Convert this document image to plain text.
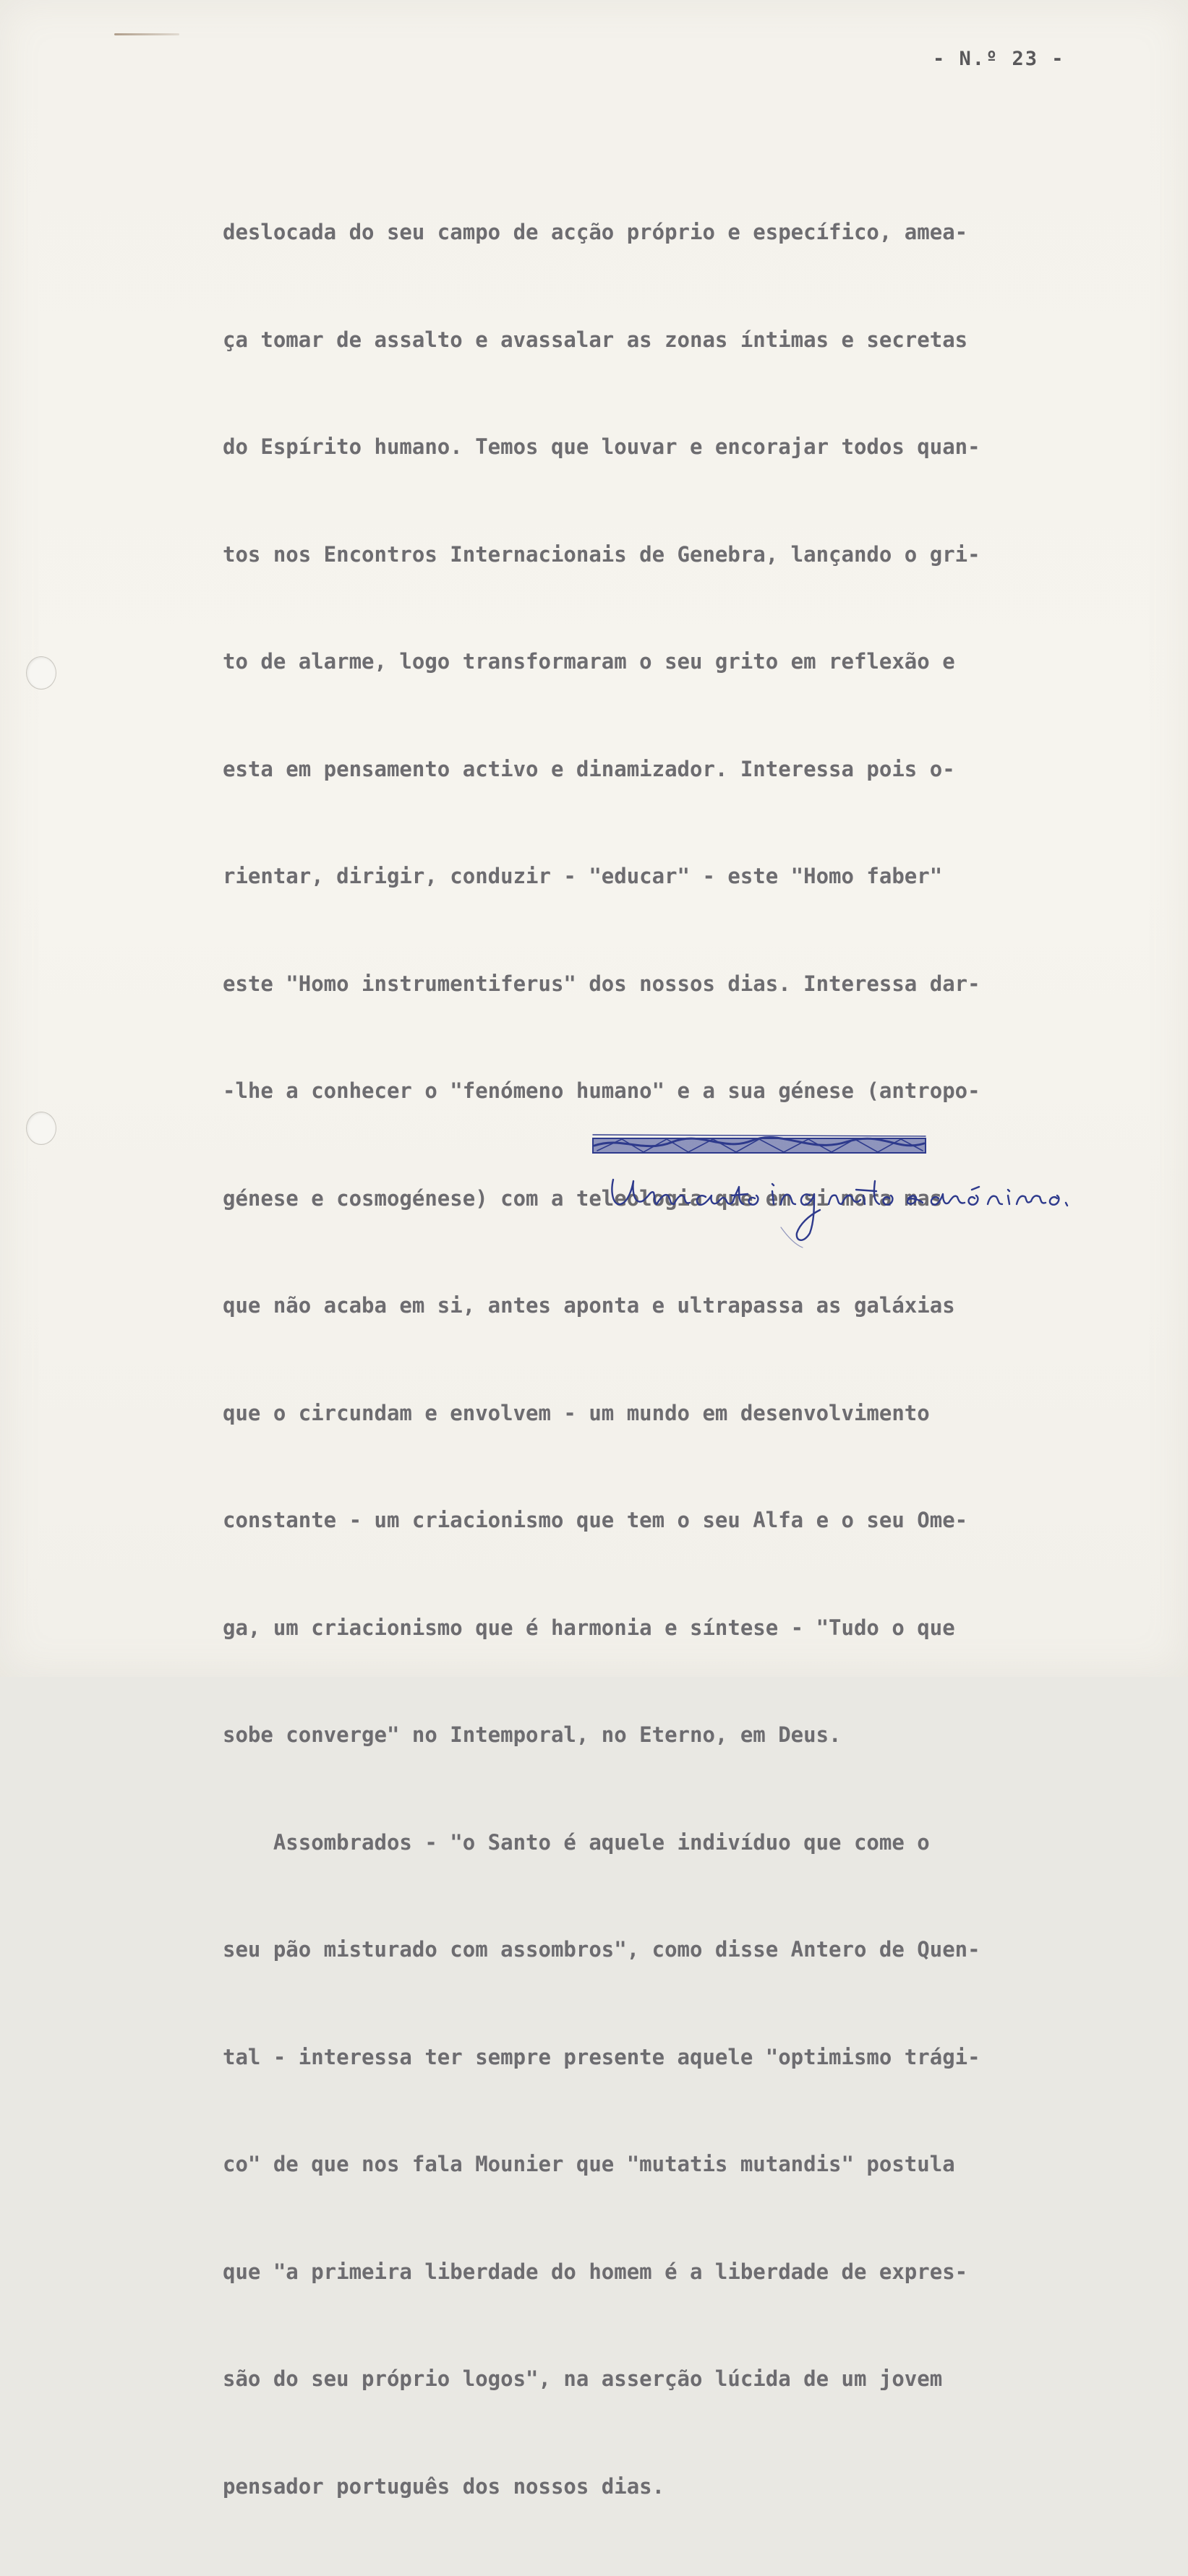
- N.º 23 -

deslocada do seu campo de acção próprio e específico, amea-

ça tomar de assalto e avassalar as zonas íntimas e secretas

do Espírito humano. Temos que louvar e encorajar todos quan-

tos nos Encontros Internacionais de Genebra, lançando o gri-

to de alarme, logo transformaram o seu grito em reflexão e

esta em pensamento activo e dinamizador. Interessa pois o-

rientar, dirigir, conduzir - "educar" - este "Homo faber"

este "Homo instrumentiferus" dos nossos dias. Interessa dar-

-lhe a conhecer o "fenómeno humano" e a sua génese (antropo-

génese e cosmogénese) com a teleologia que em si mora mas

que não acaba em si, antes aponta e ultrapassa as galáxias

que o circundam e envolvem - um mundo em desenvolvimento

constante - um criacionismo que tem o seu Alfa e o seu Ome-

ga, um criacionismo que é harmonia e síntese - "Tudo o que

sobe converge" no Intemporal, no Eterno, em Deus.

Assombrados - "o Santo é aquele indivíduo que come o

seu pão misturado com assombros", como disse Antero de Quen-

tal - interessa ter sempre presente aquele "optimismo trági-

co" de que nos fala Mounier que "mutatis mutandis" postula

que "a primeira liberdade do homem é a liberdade de expres-

são do seu próprio logos", na asserção lúcida de um jovem

pensador português dos nossos dias.
